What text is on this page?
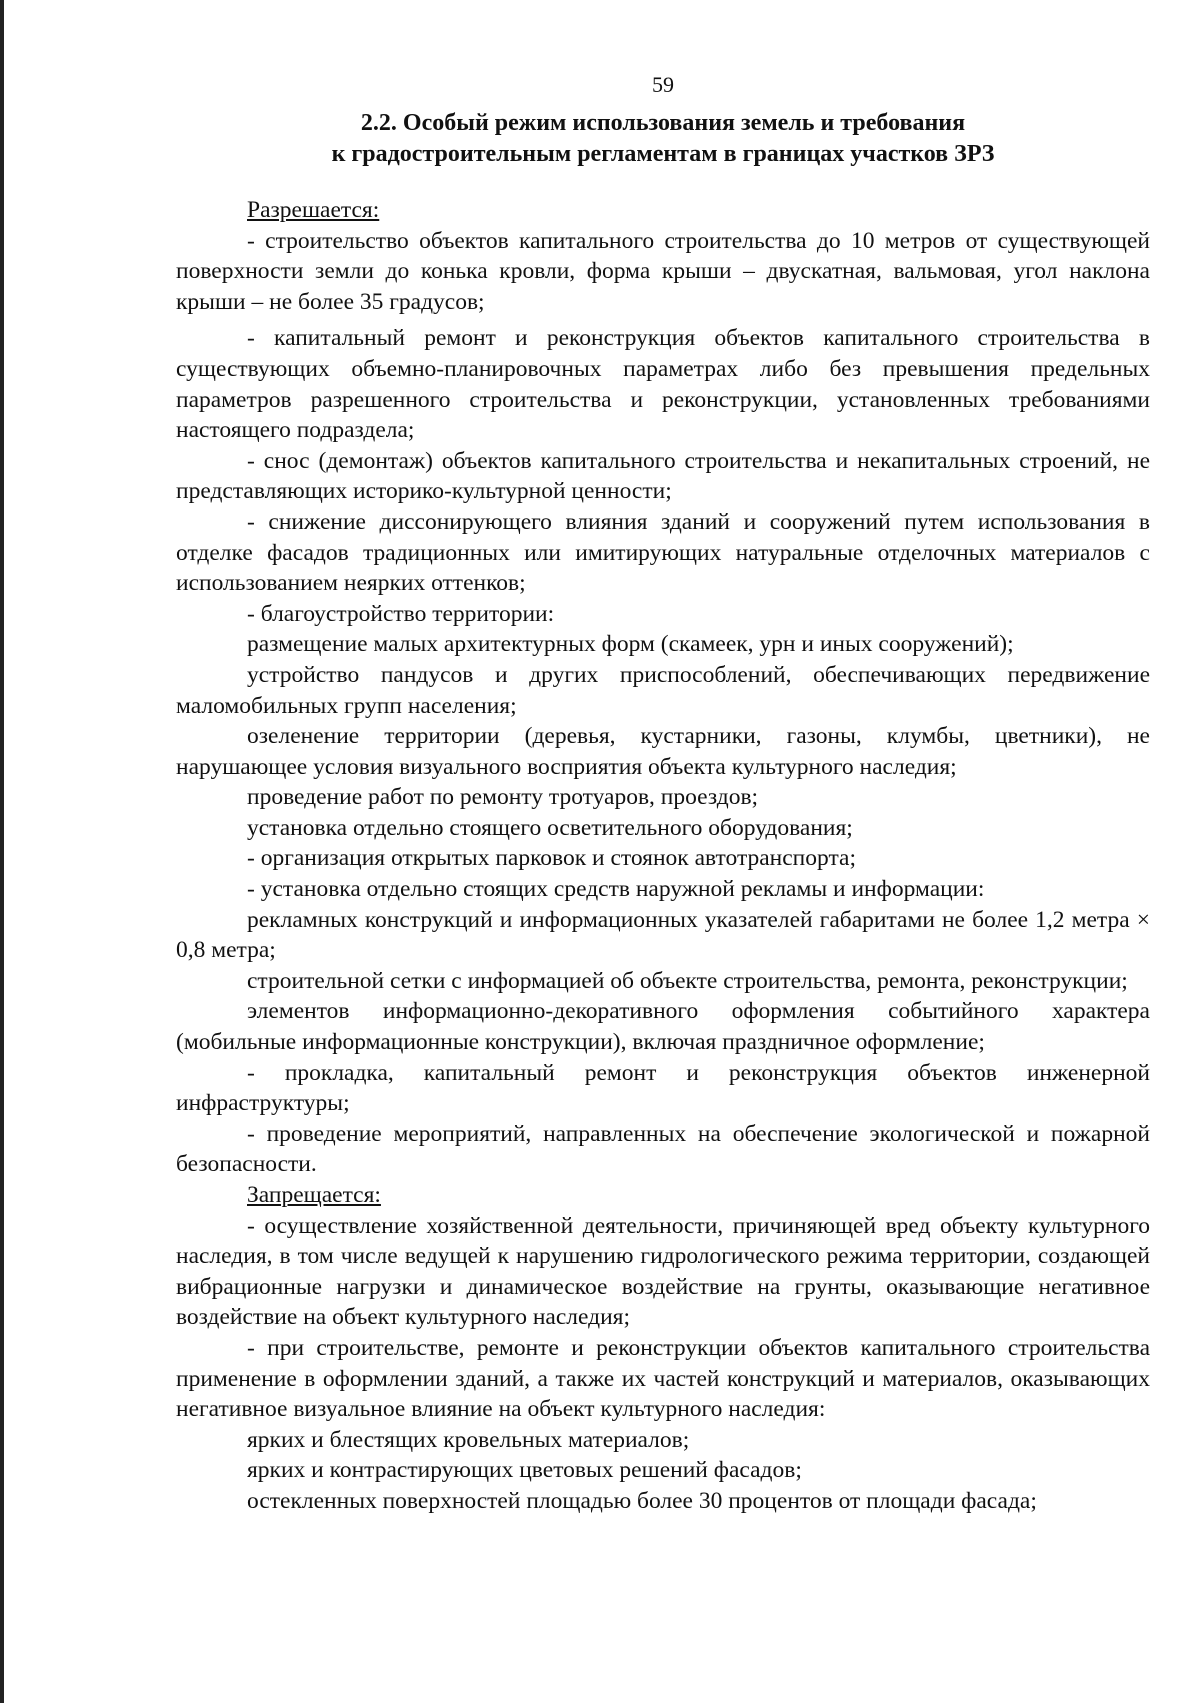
59
2.2. Особый режим использования земель и требования
к градостроительным регламентам в границах участков ЗРЗ

Разрешается:

- строительство объектов капитального строительства до 10 метров от существующей поверхности земли до конька кровли, форма крыши – двускатная, вальмовая, угол наклона крыши – не более 35 градусов;

- капитальный ремонт и реконструкция объектов капитального строительства в существующих объемно-планировочных параметрах либо без превышения предельных параметров разрешенного строительства и реконструкции, установленных требованиями настоящего подраздела;

- снос (демонтаж) объектов капитального строительства и некапитальных строений, не представляющих историко-культурной ценности;

- снижение диссонирующего влияния зданий и сооружений путем использования в отделке фасадов традиционных или имитирующих натуральные отделочных материалов с использованием неярких оттенков;

- благоустройство территории:

размещение малых архитектурных форм (скамеек, урн и иных сооружений);

устройство пандусов и других приспособлений, обеспечивающих передвижение маломобильных групп населения;

озеленение территории (деревья, кустарники, газоны, клумбы, цветники), не нарушающее условия визуального восприятия объекта культурного наследия;

проведение работ по ремонту тротуаров, проездов;

установка отдельно стоящего осветительного оборудования;

- организация открытых парковок и стоянок автотранспорта;

- установка отдельно стоящих средств наружной рекламы и информации:

рекламных конструкций и информационных указателей габаритами не более 1,2 метра × 0,8 метра;

строительной сетки с информацией об объекте строительства, ремонта, реконструкции;

элементов информационно-декоративного оформления событийного характера (мобильные информационные конструкции), включая праздничное оформление;

- прокладка, капитальный ремонт и реконструкция объектов инженерной инфраструктуры;

- проведение мероприятий, направленных на обеспечение экологической и пожарной безопасности.

Запрещается:

- осуществление хозяйственной деятельности, причиняющей вред объекту культурного наследия, в том числе ведущей к нарушению гидрологического режима территории, создающей вибрационные нагрузки и динамическое воздействие на грунты, оказывающие негативное воздействие на объект культурного наследия;

- при строительстве, ремонте и реконструкции объектов капитального строительства применение в оформлении зданий, а также их частей конструкций и материалов, оказывающих негативное визуальное влияние на объект культурного наследия:

ярких и блестящих кровельных материалов;

ярких и контрастирующих цветовых решений фасадов;

остекленных поверхностей площадью более 30 процентов от площади фасада;
